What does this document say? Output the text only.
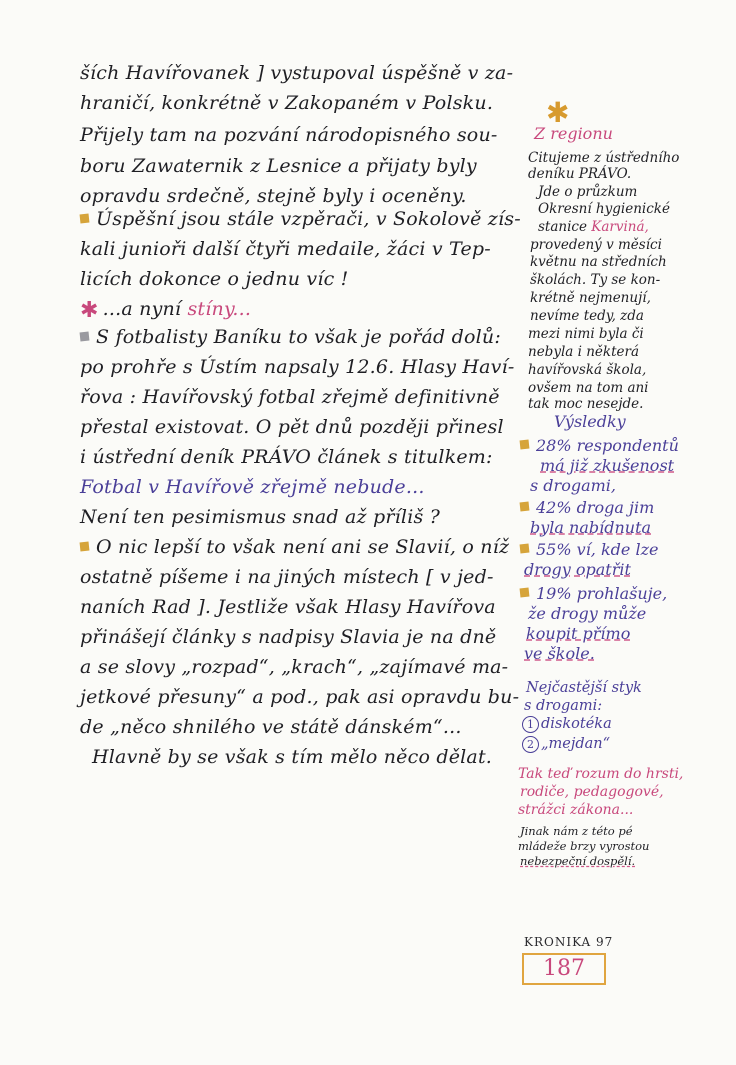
ších Havířovanek ] vystupoval úspěšně v za-
hraničí, konkrétně v Zakopaném v Polsku.
Přijely tam na pozvání národopisného sou-
boru Zawaternik z Lesnice a přijaty byly
opravdu srdečně, stejně byly i oceněny.
Úspěšní jsou stále vzpěrači, v Sokolově zís-
kali junioři další čtyři medaile, žáci v Tep-
licích dokonce o jednu víc !
✱ ...a nyní stíny...
S fotbalisty Baníku to však je pořád dolů:
po prohře s Ústím napsaly 12.6. Hlasy Haví-
řova : Havířovský fotbal zřejmě definitivně
přestal existovat. O pět dnů později přinesl
i ústřední deník PRÁVO článek s titulkem:
Fotbal v Havířově zřejmě nebude...
Není ten pesimismus snad až příliš ?
O nic lepší to však není ani se Slavií, o níž
ostatně píšeme i na jiných místech [ v jed-
naních Rad ]. Jestliže však Hlasy Havířova
přinášejí články s nadpisy Slavia je na dně
a se slovy „rozpad“, „krach“, „zajímavé ma-
jetkové přesuny“ a pod., pak asi opravdu bu-
de „něco shnilého ve státě dánském“...
Hlavně by se však s tím mělo něco dělat.
✱
Z regionu
Citujeme z ústředního
deníku PRÁVO.
Jde o průzkum
Okresní hygienické
stanice Karviná,
provedený v měsíci
květnu na středních
školách. Ty se kon-
krétně nejmenují,
nevíme tedy, zda
mezi nimi byla či
nebyla i některá
havířovská škola,
ovšem na tom ani
tak moc nesejde.
Výsledky
28% respondentů
má již zkušenost
s drogami,
42% droga jim
byla nabídnuta
55% ví, kde lze
drogy opatřit
19% prohlašuje,
že drogy může
koupit přímo
ve škole.
Nejčastější styk
s drogami:
1 diskotéka
2 „mejdan“
Tak teď rozum do hrsti,
rodiče, pedagogové,
strážci zákona...
Jinak nám z této pé
mládeže brzy vyrostou
nebezpeční dospělí.
KRONIKA 97
187
